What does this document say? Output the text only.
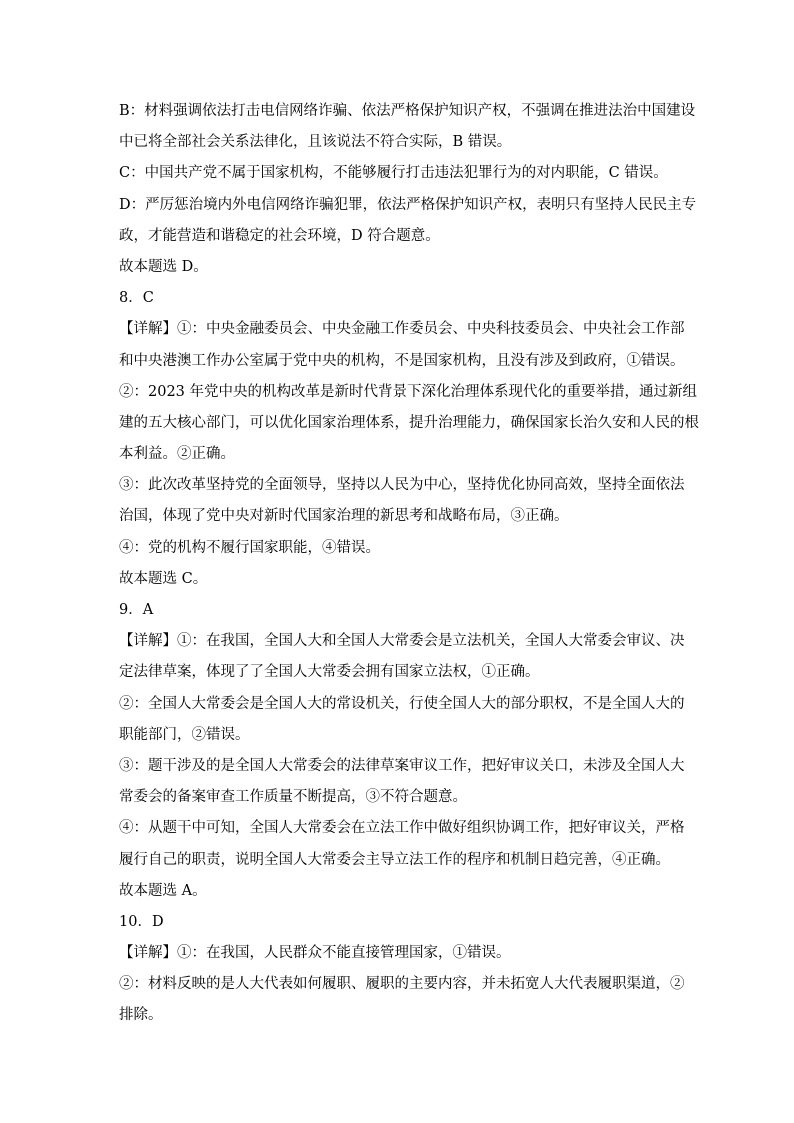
B：材料强调依法打击电信网络诈骗、依法严格保护知识产权，不强调在推进法治中国建设
中已将全部社会关系法律化，且该说法不符合实际，B 错误。
C：中国共产党不属于国家机构，不能够履行打击违法犯罪行为的对内职能，C 错误。
D：严厉惩治境内外电信网络诈骗犯罪，依法严格保护知识产权，表明只有坚持人民民主专
政，才能营造和谐稳定的社会环境，D 符合题意。
故本题选 D。
8．C
【详解】①：中央金融委员会、中央金融工作委员会、中央科技委员会、中央社会工作部
和中央港澳工作办公室属于党中央的机构，不是国家机构，且没有涉及到政府，①错误。
②：2023 年党中央的机构改革是新时代背景下深化治理体系现代化的重要举措，通过新组
建的五大核心部门，可以优化国家治理体系，提升治理能力，确保国家长治久安和人民的根
本利益。②正确。
③：此次改革坚持党的全面领导，坚持以人民为中心，坚持优化协同高效，坚持全面依法
治国，体现了党中央对新时代国家治理的新思考和战略布局，③正确。
④：党的机构不履行国家职能，④错误。
故本题选 C。
9．A
【详解】①：在我国，全国人大和全国人大常委会是立法机关，全国人大常委会审议、决
定法律草案，体现了了全国人大常委会拥有国家立法权，①正确。
②：全国人大常委会是全国人大的常设机关，行使全国人大的部分职权，不是全国人大的
职能部门，②错误。
③：题干涉及的是全国人大常委会的法律草案审议工作，把好审议关口，未涉及全国人大
常委会的备案审查工作质量不断提高，③不符合题意。
④：从题干中可知，全国人大常委会在立法工作中做好组织协调工作，把好审议关，严格
履行自己的职责，说明全国人大常委会主导立法工作的程序和机制日趋完善，④正确。
故本题选 A。
10．D
【详解】①：在我国，人民群众不能直接管理国家，①错误。
②：材料反映的是人大代表如何履职、履职的主要内容，并未拓宽人大代表履职渠道，②
排除。
